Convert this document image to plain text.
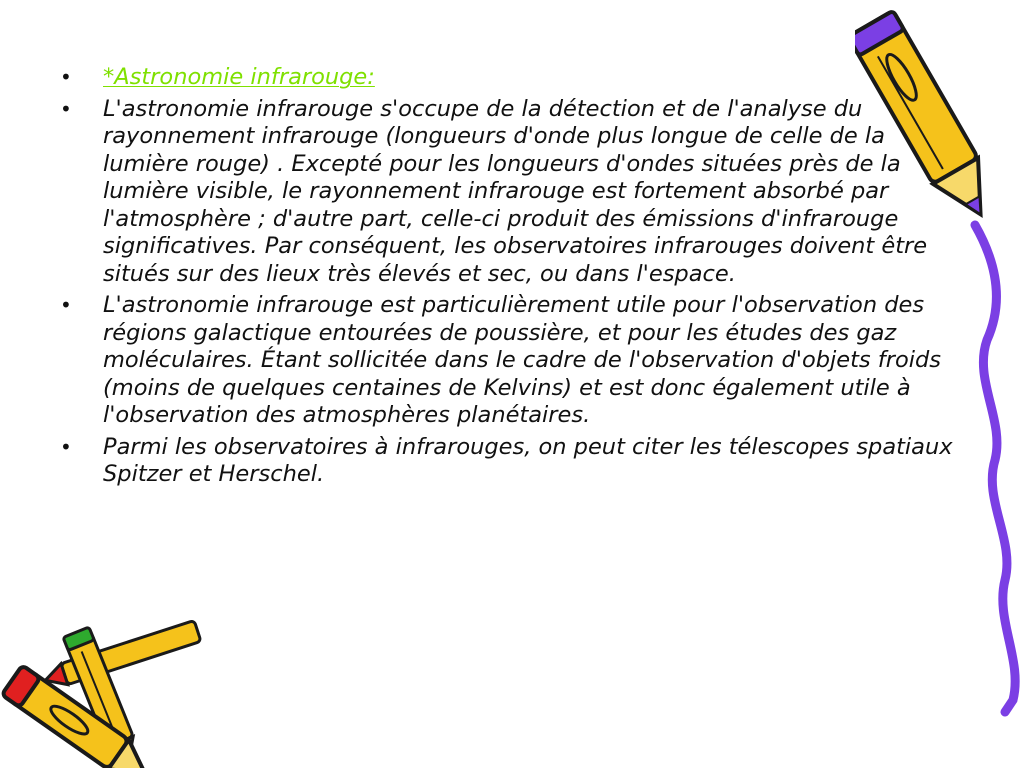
• *Astronomie infrarouge:
• L'astronomie infrarouge s'occupe de la détection et de l'analyse du rayonnement infrarouge (longueurs d'onde plus longue de celle de la lumière rouge) . Excepté pour les longueurs d'ondes situées près de la lumière visible, le rayonnement infrarouge est fortement absorbé par l'atmosphère ; d'autre part, celle-ci produit des émissions d'infrarouge significatives. Par conséquent, les observatoires infrarouges doivent être situés sur des lieux très élevés et sec, ou dans l'espace.
• L'astronomie infrarouge est particulièrement utile pour l'observation des régions galactique entourées de poussière, et pour les études des gaz moléculaires. Étant sollicitée dans le cadre de l'observation d'objets froids (moins de quelques centaines de Kelvins) et est donc également utile à l'observation des atmosphères planétaires.
• Parmi les observatoires à infrarouges, on peut citer les télescopes spatiaux Spitzer et Herschel.
